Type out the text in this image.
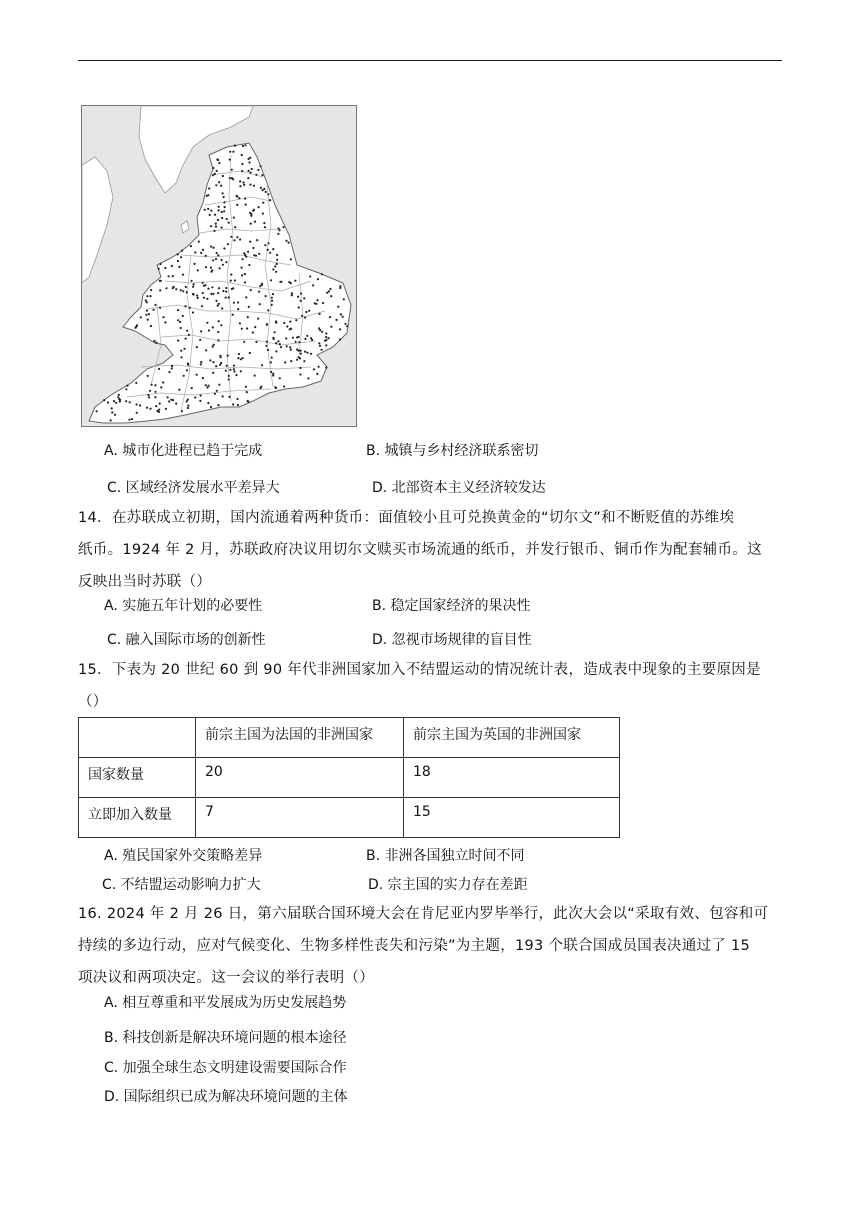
A. 城市化进程已趋于完成	B. 城镇与乡村经济联系密切
C. 区域经济发展水平差异大	D. 北部资本主义经济较发达
14．在苏联成立初期，国内流通着两种货币：面值较小且可兑换黄金的“切尔文”和不断贬值的苏维埃
纸币。1924 年 2 月，苏联政府决议用切尔文赎买市场流通的纸币，并发行银币、铜币作为配套辅币。这
反映出当时苏联（）
A. 实施五年计划的必要性	B. 稳定国家经济的果决性
C. 融入国际市场的创新性	D. 忽视市场规律的盲目性
15．下表为 20 世纪 60 到 90 年代非洲国家加入不结盟运动的情况统计表，造成表中现象的主要原因是
（）
	前宗主国为法国的非洲国家	前宗主国为英国的非洲国家
国家数量	20	18
立即加入数量	7	15
A. 殖民国家外交策略差异	B. 非洲各国独立时间不同
C. 不结盟运动影响力扩大	D. 宗主国的实力存在差距
16. 2024 年 2 月 26 日，第六届联合国环境大会在肯尼亚内罗毕举行，此次大会以“采取有效、包容和可
持续的多边行动，应对气候变化、生物多样性丧失和污染”为主题，193 个联合国成员国表决通过了 15
项决议和两项决定。这一会议的举行表明（）
A. 相互尊重和平发展成为历史发展趋势
B. 科技创新是解决环境问题的根本途径
C. 加强全球生态文明建设需要国际合作
D. 国际组织已成为解决环境问题的主体
